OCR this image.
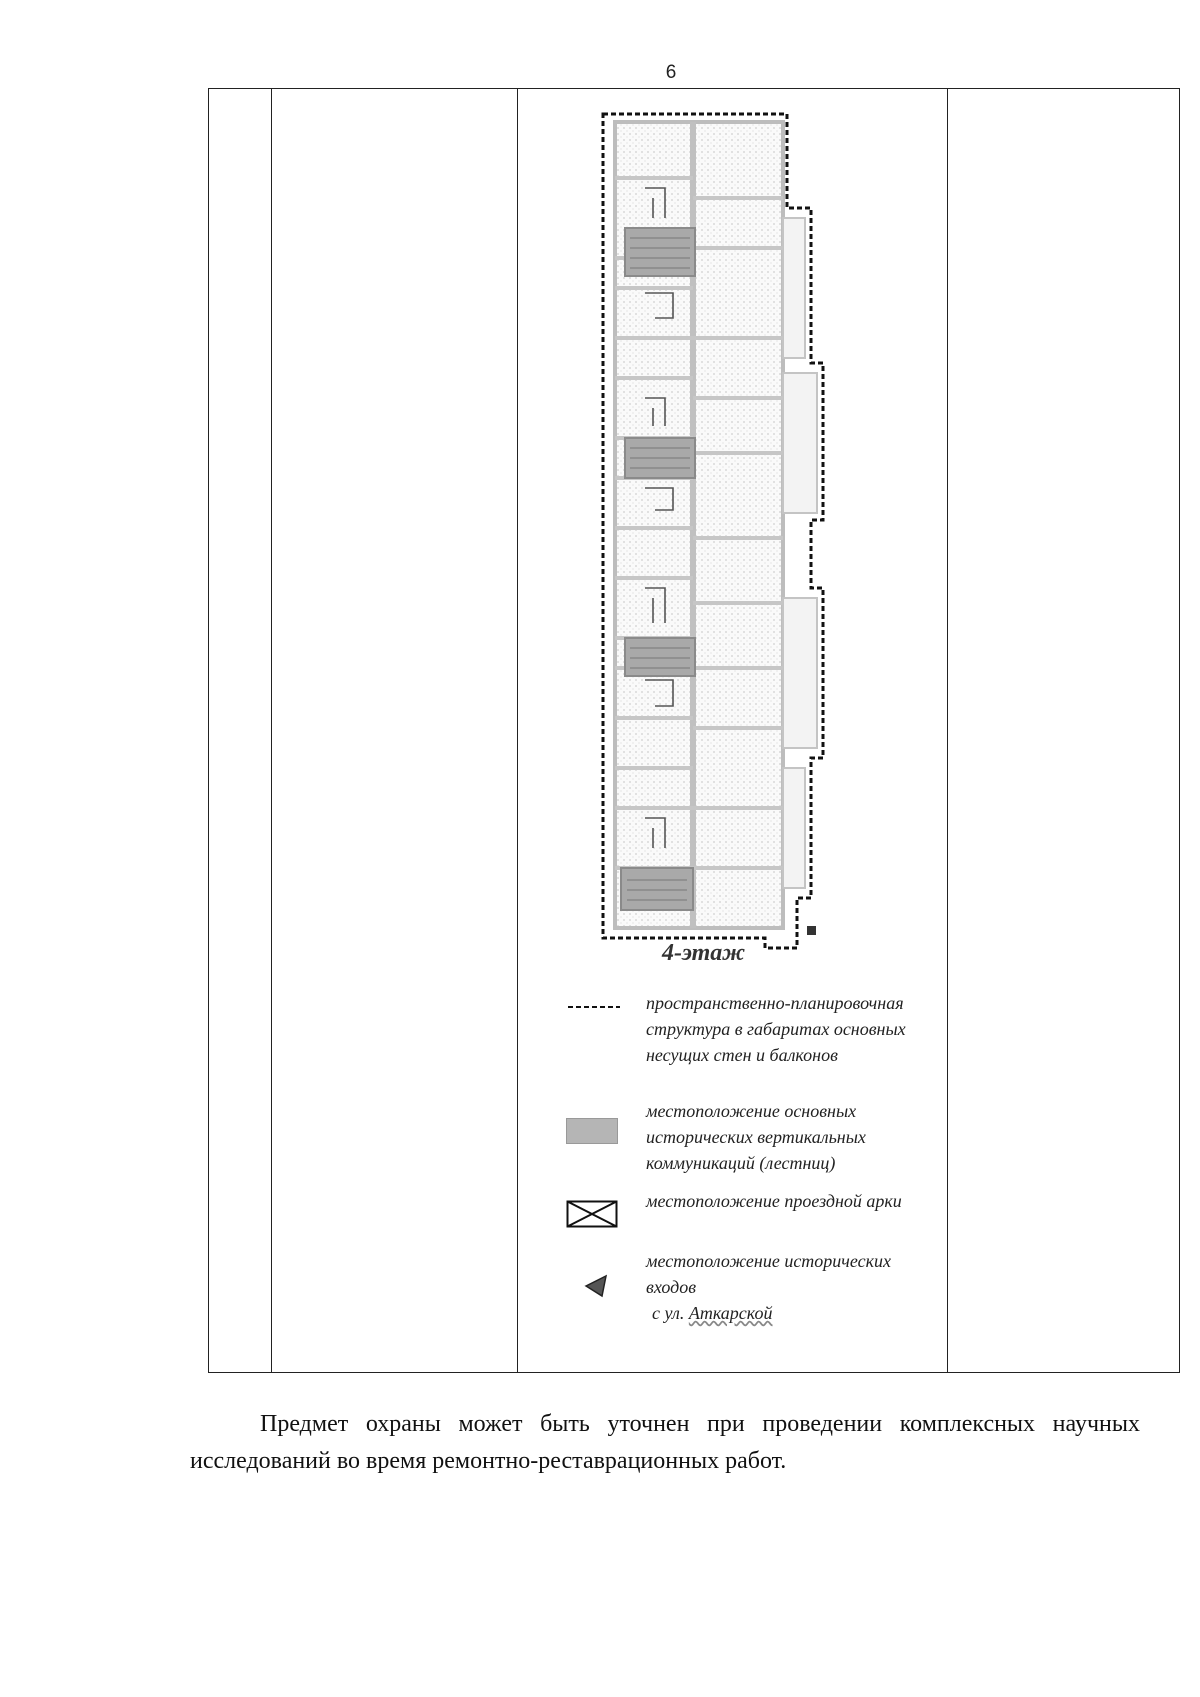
6
4-этаж
пространственно-планировочная структура в габаритах основных несущих стен и балконов
местоположение основных исторических вертикальных коммуникаций (лестниц)
местоположение проездной арки
местоположение исторических входов
с ул. Аткарской
Предмет охраны может быть уточнен при проведении комплексных научных исследований во время ремонтно-реставрационных работ.
